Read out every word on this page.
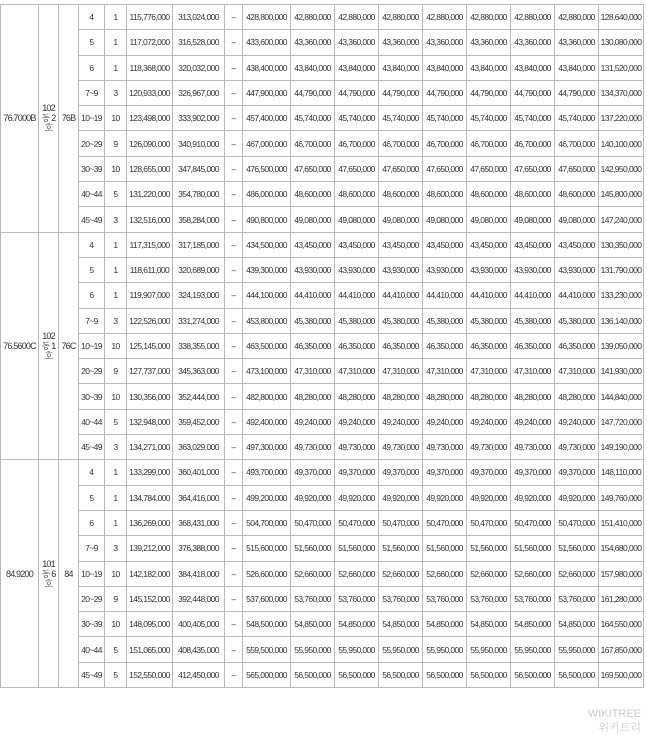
76.7000B	102동 2호	76B	4	1	115,776,000	313,024,000	–	428,800,000	42,880,000	42,880,000	42,880,000	42,880,000	42,880,000	42,880,000	42,880,000	128,640,000
			5	1	117,072,000	316,528,000	–	433,600,000	43,360,000	43,360,000	43,360,000	43,360,000	43,360,000	43,360,000	43,360,000	130,080,000
			6	1	118,368,000	320,032,000	–	438,400,000	43,840,000	43,840,000	43,840,000	43,840,000	43,840,000	43,840,000	43,840,000	131,520,000
			7~9	3	120,933,000	326,967,000	–	447,900,000	44,790,000	44,790,000	44,790,000	44,790,000	44,790,000	44,790,000	44,790,000	134,370,000
			10~19	10	123,498,000	333,902,000	–	457,400,000	45,740,000	45,740,000	45,740,000	45,740,000	45,740,000	45,740,000	45,740,000	137,220,000
			20~29	9	126,090,000	340,910,000	–	467,000,000	46,700,000	46,700,000	46,700,000	46,700,000	46,700,000	46,700,000	46,700,000	140,100,000
			30~39	10	128,655,000	347,845,000	–	476,500,000	47,650,000	47,650,000	47,650,000	47,650,000	47,650,000	47,650,000	47,650,000	142,950,000
			40~44	5	131,220,000	354,780,000	–	486,000,000	48,600,000	48,600,000	48,600,000	48,600,000	48,600,000	48,600,000	48,600,000	145,800,000
			45~49	3	132,516,000	358,284,000	–	490,800,000	49,080,000	49,080,000	49,080,000	49,080,000	49,080,000	49,080,000	49,080,000	147,240,000
76.5600C	102동 1호	76C	4	1	117,315,000	317,185,000	–	434,500,000	43,450,000	43,450,000	43,450,000	43,450,000	43,450,000	43,450,000	43,450,000	130,350,000
			5	1	118,611,000	320,689,000	–	439,300,000	43,930,000	43,930,000	43,930,000	43,930,000	43,930,000	43,930,000	43,930,000	131,790,000
			6	1	119,907,000	324,193,000	–	444,100,000	44,410,000	44,410,000	44,410,000	44,410,000	44,410,000	44,410,000	44,410,000	133,230,000
			7~9	3	122,526,000	331,274,000	–	453,800,000	45,380,000	45,380,000	45,380,000	45,380,000	45,380,000	45,380,000	45,380,000	136,140,000
			10~19	10	125,145,000	338,355,000	–	463,500,000	46,350,000	46,350,000	46,350,000	46,350,000	46,350,000	46,350,000	46,350,000	139,050,000
			20~29	9	127,737,000	345,363,000	–	473,100,000	47,310,000	47,310,000	47,310,000	47,310,000	47,310,000	47,310,000	47,310,000	141,930,000
			30~39	10	130,356,000	352,444,000	–	482,800,000	48,280,000	48,280,000	48,280,000	48,280,000	48,280,000	48,280,000	48,280,000	144,840,000
			40~44	5	132,948,000	359,452,000	–	492,400,000	49,240,000	49,240,000	49,240,000	49,240,000	49,240,000	49,240,000	49,240,000	147,720,000
			45~49	3	134,271,000	363,029,000	–	497,300,000	49,730,000	49,730,000	49,730,000	49,730,000	49,730,000	49,730,000	49,730,000	149,190,000
84.9200	101동 6호	84	4	1	133,299,000	360,401,000	–	493,700,000	49,370,000	49,370,000	49,370,000	49,370,000	49,370,000	49,370,000	49,370,000	148,110,000
			5	1	134,784,000	364,416,000	–	499,200,000	49,920,000	49,920,000	49,920,000	49,920,000	49,920,000	49,920,000	49,920,000	149,760,000
			6	1	136,269,000	368,431,000	–	504,700,000	50,470,000	50,470,000	50,470,000	50,470,000	50,470,000	50,470,000	50,470,000	151,410,000
			7~9	3	139,212,000	376,388,000	–	515,600,000	51,560,000	51,560,000	51,560,000	51,560,000	51,560,000	51,560,000	51,560,000	154,680,000
			10~19	10	142,182,000	384,418,000	–	526,600,000	52,660,000	52,660,000	52,660,000	52,660,000	52,660,000	52,660,000	52,660,000	157,980,000
			20~29	9	145,152,000	392,448,000	–	537,600,000	53,760,000	53,760,000	53,760,000	53,760,000	53,760,000	53,760,000	53,760,000	161,280,000
			30~39	10	148,095,000	400,405,000	–	548,500,000	54,850,000	54,850,000	54,850,000	54,850,000	54,850,000	54,850,000	54,850,000	164,550,000
			40~44	5	151,065,000	408,435,000	–	559,500,000	55,950,000	55,950,000	55,950,000	55,950,000	55,950,000	55,950,000	55,950,000	167,850,000
			45~49	5	152,550,000	412,450,000	–	565,000,000	56,500,000	56,500,000	56,500,000	56,500,000	56,500,000	56,500,000	56,500,000	169,500,000
WIKITREE
위키트리
